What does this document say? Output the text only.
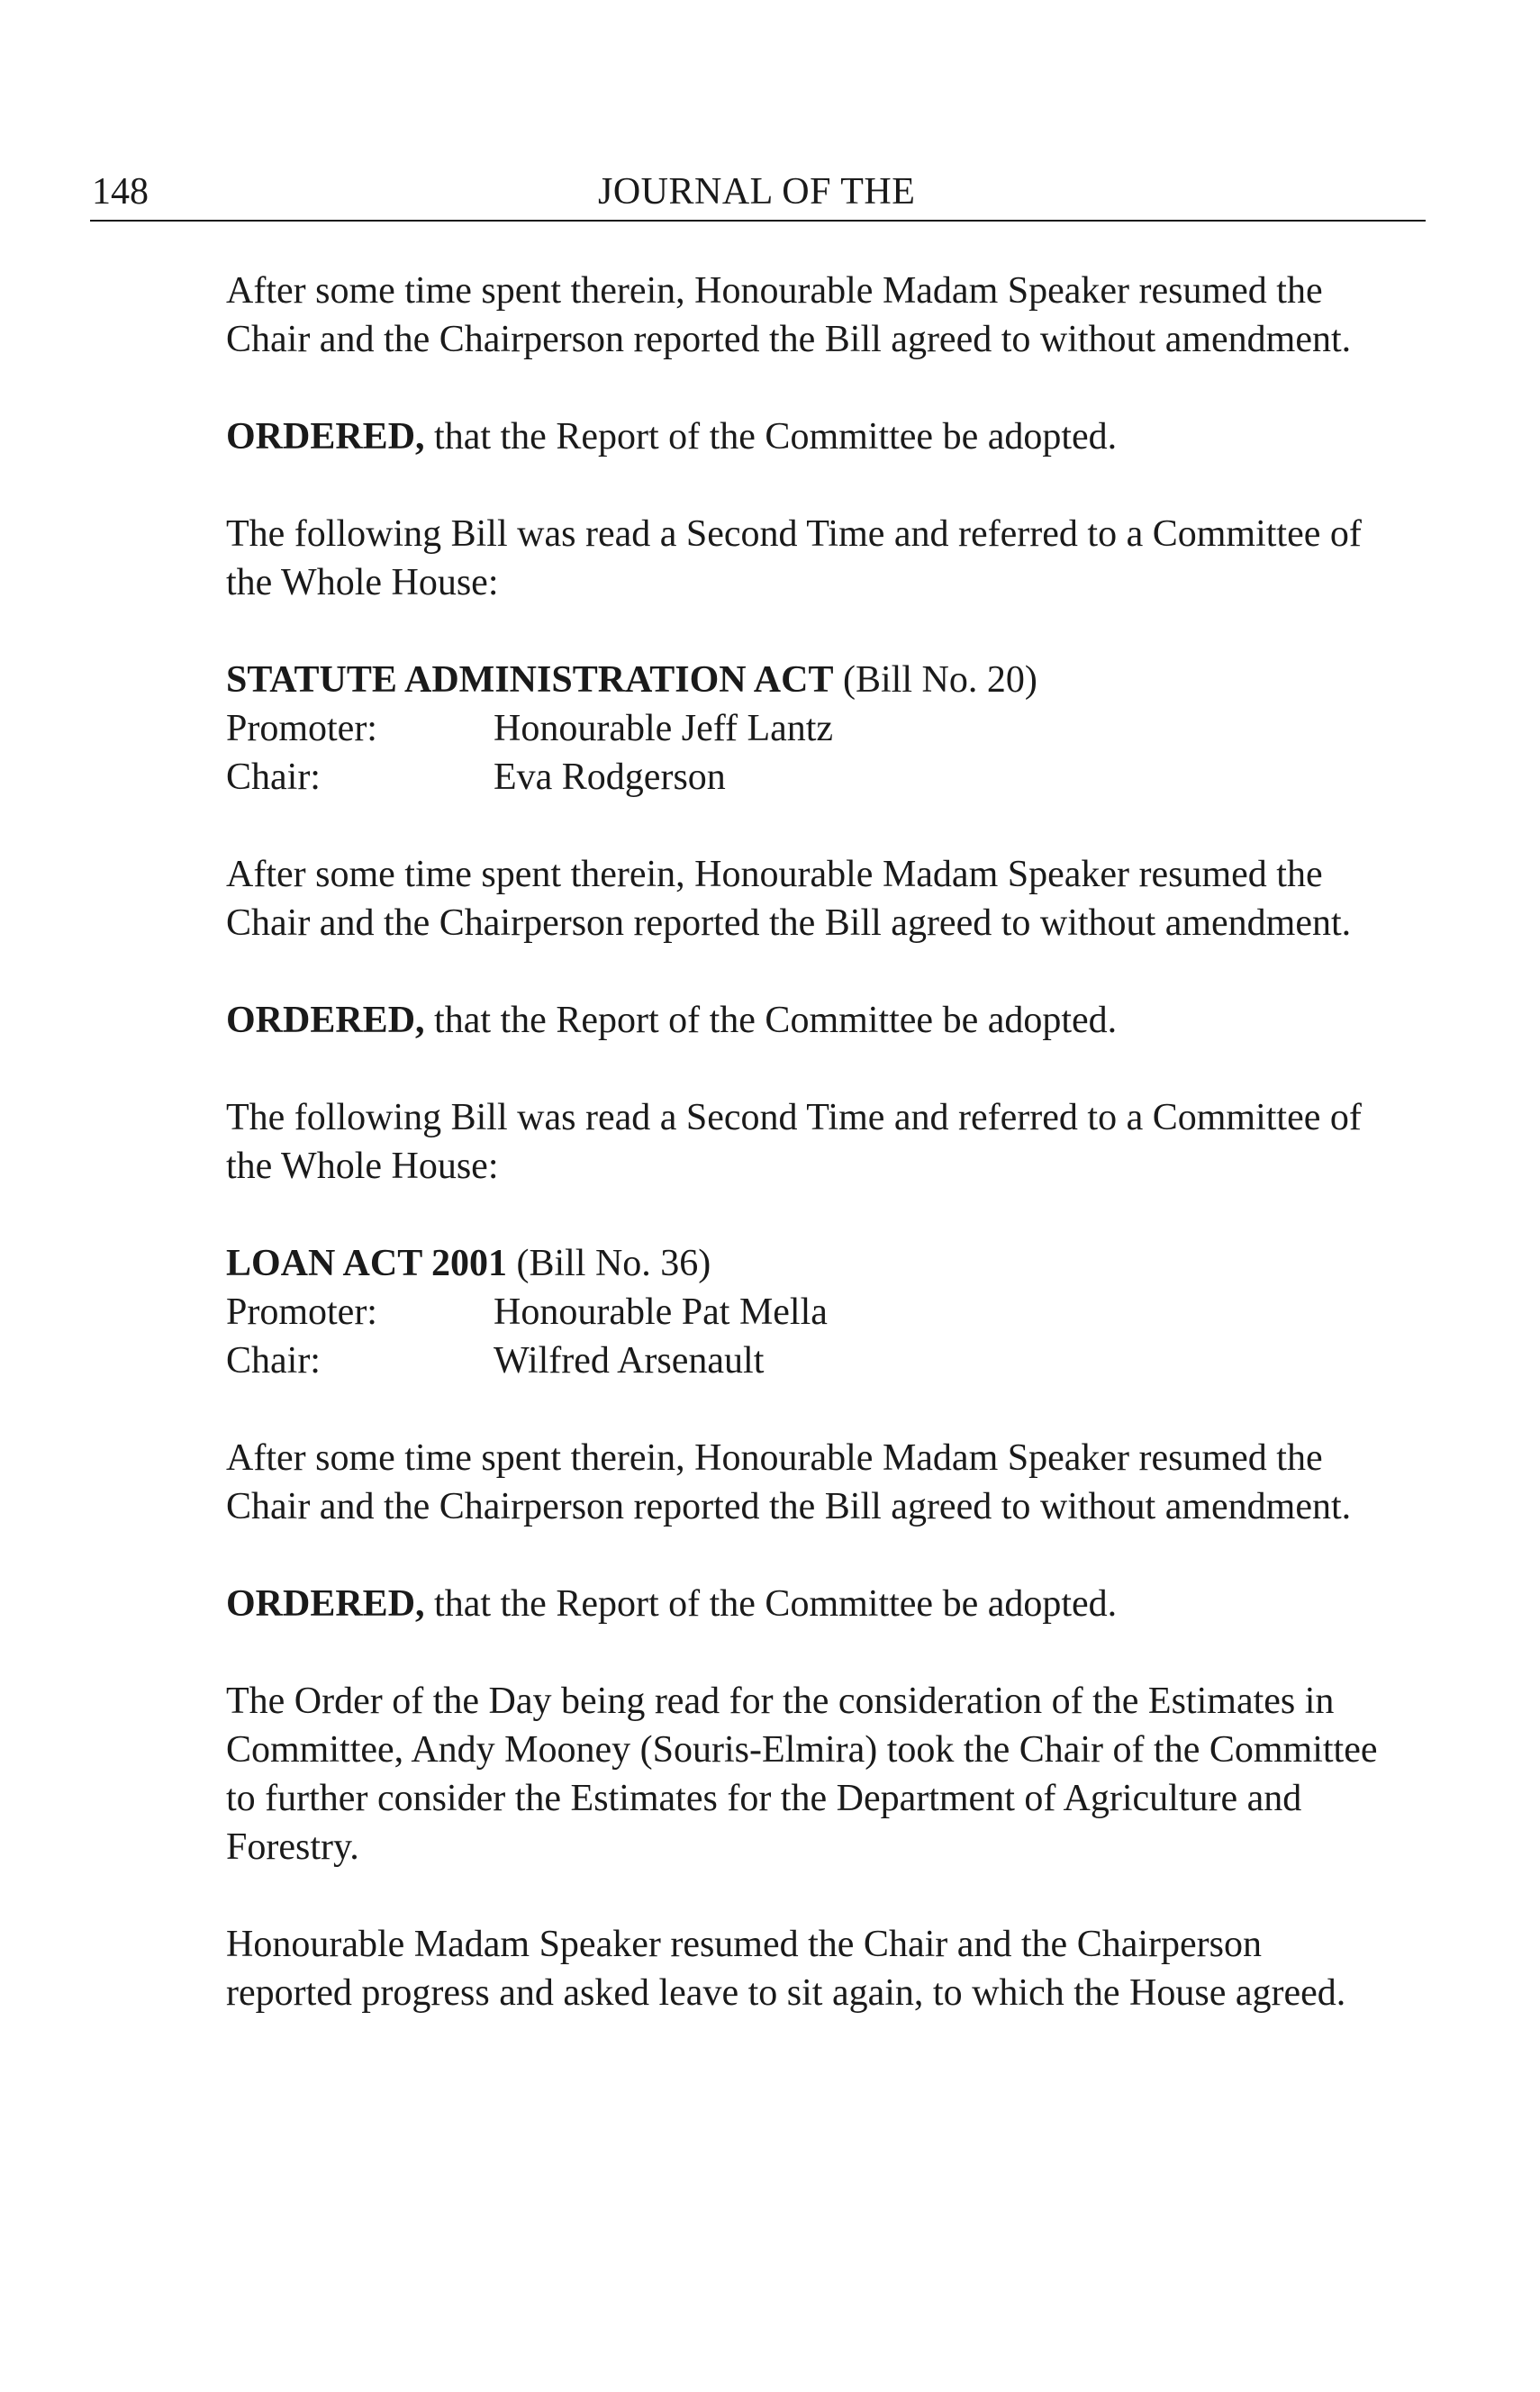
148	JOURNAL OF THE

After some time spent therein, Honourable Madam Speaker resumed the

Chair and the Chairperson reported the Bill agreed to without amendment.

ORDERED, that the Report of the Committee be adopted.

The following Bill was read a Second Time and referred to a Committee of

the Whole House:

STATUTE ADMINISTRATION ACT (Bill No. 20)

Promoter:	Honourable Jeff Lantz
Chair:	Eva Rodgerson

After some time spent therein, Honourable Madam Speaker resumed the

Chair and the Chairperson reported the Bill agreed to without amendment.

ORDERED, that the Report of the Committee be adopted.

The following Bill was read a Second Time and referred to a Committee of

the Whole House:

LOAN ACT 2001 (Bill No. 36)

Promoter:	Honourable Pat Mella
Chair:	Wilfred Arsenault

After some time spent therein, Honourable Madam Speaker resumed the

Chair and the Chairperson reported the Bill agreed to without amendment.

ORDERED, that the Report of the Committee be adopted.

The Order of the Day being read for the consideration of the Estimates in

Committee, Andy Mooney (Souris-Elmira) took the Chair of the Committee

to further consider the Estimates for the Department of Agriculture and

Forestry.

Honourable Madam Speaker resumed the Chair and the Chairperson

reported progress and asked leave to sit again, to which the House agreed.
